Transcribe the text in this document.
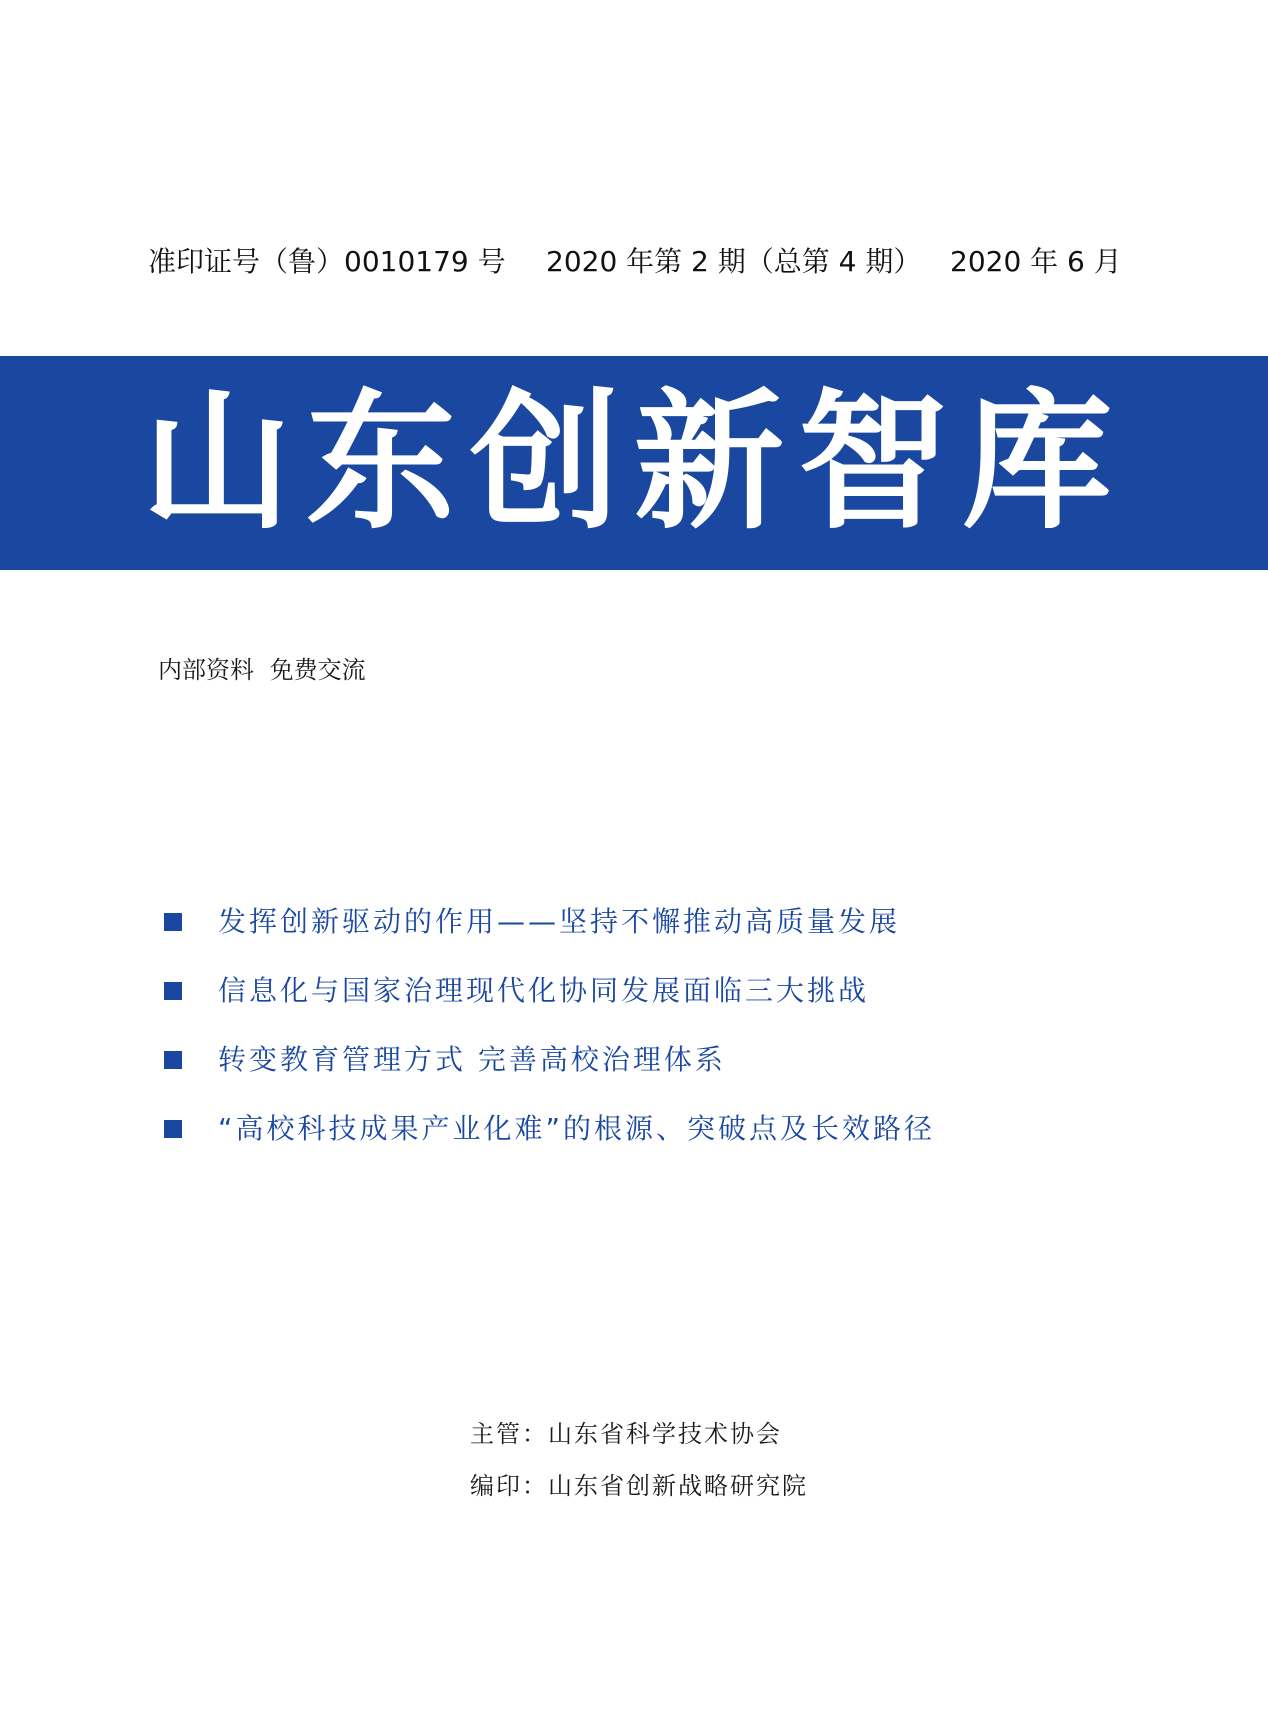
准印证号（鲁）0010179 号 2020 年第 2 期（总第 4 期） 2020 年 6 月
山东创新智库
内部资料 免费交流
发挥创新驱动的作用——坚持不懈推动高质量发展
信息化与国家治理现代化协同发展面临三大挑战
转变教育管理方式 完善高校治理体系
“高校科技成果产业化难”的根源、突破点及长效路径
主管：山东省科学技术协会
编印：山东省创新战略研究院
